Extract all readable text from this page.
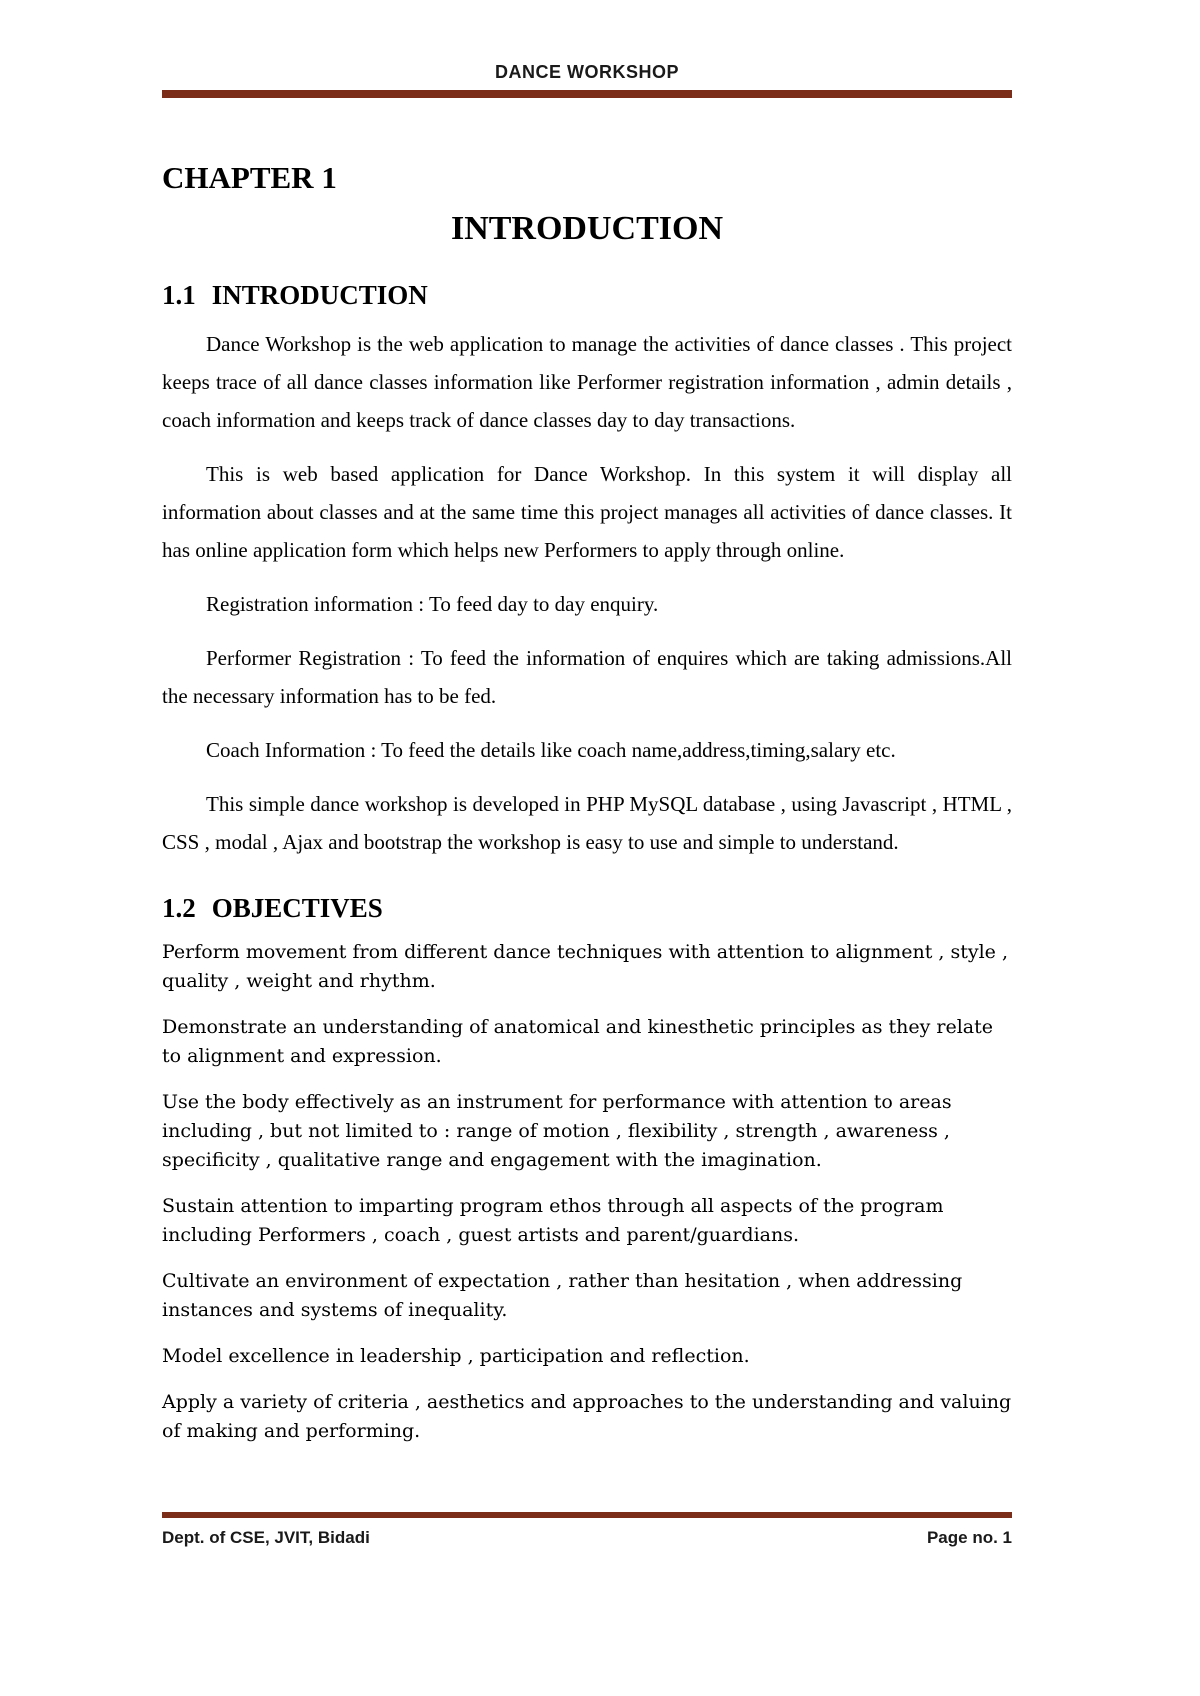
DANCE WORKSHOP
CHAPTER 1
INTRODUCTION
1.1 INTRODUCTION

Dance Workshop is the web application to manage the activities of dance classes . This project keeps trace of all dance classes information like Performer registration information , admin details , coach information and keeps track of dance classes day to day transactions.

This is web based application for Dance Workshop. In this system it will display all information about classes and at the same time this project manages all activities of dance classes. It has online application form which helps new Performers to apply through online.

Registration information : To feed day to day enquiry.

Performer Registration : To feed the information of enquires which are taking admissions.All the necessary information has to be fed.

Coach Information : To feed the details like coach name,address,timing,salary etc.

This simple dance workshop is developed in PHP MySQL database , using Javascript , HTML , CSS , modal , Ajax and bootstrap the workshop is easy to use and simple to understand.

1.2 OBJECTIVES

Perform movement from different dance techniques with attention to alignment , style , quality , weight and rhythm.

Demonstrate an understanding of anatomical and kinesthetic principles as they relate to alignment and expression.

Use the body effectively as an instrument for performance with attention to areas including , but not limited to : range of motion , flexibility , strength , awareness , specificity , qualitative range and engagement with the imagination.

Sustain attention to imparting program ethos through all aspects of the program including Performers , coach , guest artists and parent/guardians.

Cultivate an environment of expectation , rather than hesitation , when addressing instances and systems of inequality.

Model excellence in leadership , participation and reflection.

Apply a variety of criteria , aesthetics and approaches to the understanding and valuing of making and performing.

Dept. of CSE, JVIT, Bidadi	Page no. 1
